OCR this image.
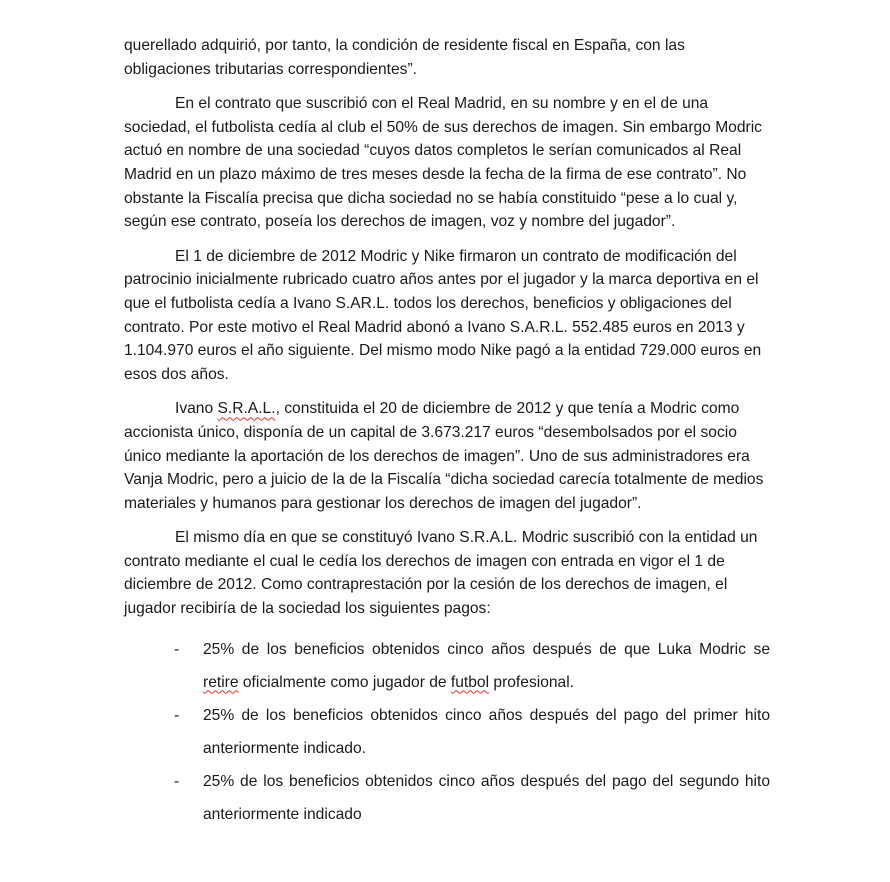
querellado adquirió, por tanto, la condición de residente fiscal en España, con las obligaciones tributarias correspondientes”.

En el contrato que suscribió con el Real Madrid, en su nombre y en el de una sociedad, el futbolista cedía al club el 50% de sus derechos de imagen. Sin embargo Modric actuó en nombre de una sociedad “cuyos datos completos le serían comunicados al Real Madrid en un plazo máximo de tres meses desde la fecha de la firma de ese contrato”. No obstante la Fiscalía precisa que dicha sociedad no se había constituido “pese a lo cual y, según ese contrato, poseía los derechos de imagen, voz y nombre del jugador”.

El 1 de diciembre de 2012 Modric y Nike firmaron un contrato de modificación del patrocinio inicialmente rubricado cuatro años antes por el jugador y la marca deportiva en el que el futbolista cedía a Ivano S.AR.L. todos los derechos, beneficios y obligaciones del contrato. Por este motivo el Real Madrid abonó a Ivano S.A.R.L. 552.485 euros en 2013 y 1.104.970 euros el año siguiente. Del mismo modo Nike pagó a la entidad 729.000 euros en esos dos años.

Ivano S.R.A.L., constituida el 20 de diciembre de 2012 y que tenía a Modric como accionista único, disponía de un capital de 3.673.217 euros “desembolsados por el socio único mediante la aportación de los derechos de imagen”. Uno de sus administradores era Vanja Modric, pero a juicio de la de la Fiscalía “dicha sociedad carecía totalmente de medios materiales y humanos para gestionar los derechos de imagen del jugador”.

El mismo día en que se constituyó Ivano S.R.A.L. Modric suscribió con la entidad un contrato mediante el cual le cedía los derechos de imagen con entrada en vigor el 1 de diciembre de 2012. Como contraprestación por la cesión de los derechos de imagen, el jugador recibiría de la sociedad los siguientes pagos:

- 25% de los beneficios obtenidos cinco años después de que Luka Modric se retire oficialmente como jugador de futbol profesional.
- 25% de los beneficios obtenidos cinco años después del pago del primer hito anteriormente indicado.
- 25% de los beneficios obtenidos cinco años después del pago del segundo hito anteriormente indicado
